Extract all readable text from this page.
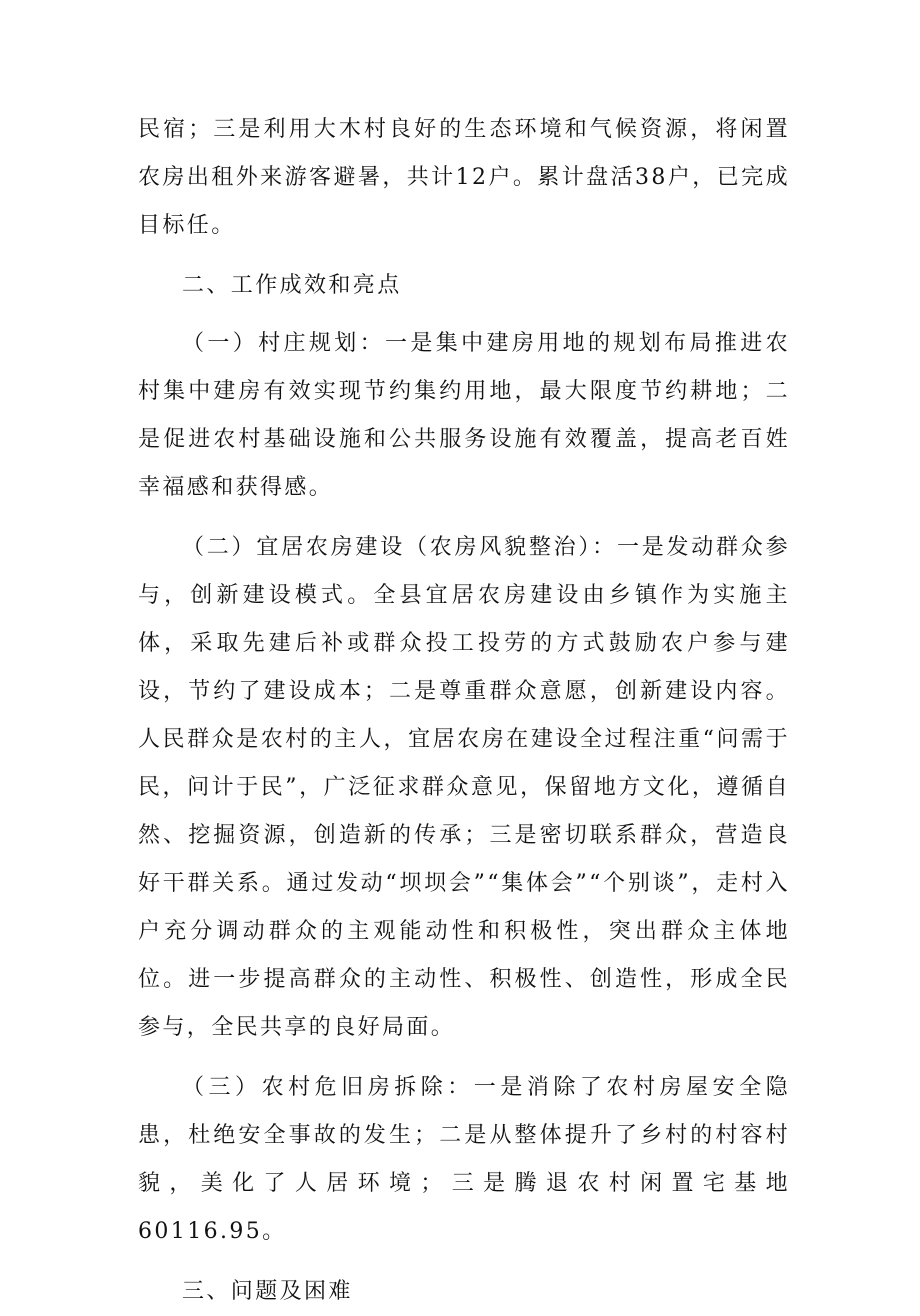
民宿；三是利用大木村良好的生态环境和气候资源，将闲置农房出租外来游客避暑，共计12户。累计盘活38户，已完成目标任。

二、工作成效和亮点

（一）村庄规划：一是集中建房用地的规划布局推进农村集中建房有效实现节约集约用地，最大限度节约耕地；二是促进农村基础设施和公共服务设施有效覆盖，提高老百姓幸福感和获得感。

（二）宜居农房建设（农房风貌整治）：一是发动群众参与，创新建设模式。全县宜居农房建设由乡镇作为实施主体，采取先建后补或群众投工投劳的方式鼓励农户参与建设，节约了建设成本；二是尊重群众意愿，创新建设内容。人民群众是农村的主人，宜居农房在建设全过程注重“问需于民，问计于民”，广泛征求群众意见，保留地方文化，遵循自然、挖掘资源，创造新的传承；三是密切联系群众，营造良好干群关系。通过发动“坝坝会”“集体会”“个别谈”，走村入户充分调动群众的主观能动性和积极性，突出群众主体地位。进一步提高群众的主动性、积极性、创造性，形成全民参与，全民共享的良好局面。

（三）农村危旧房拆除：一是消除了农村房屋安全隐患，杜绝安全事故的发生；二是从整体提升了乡村的村容村貌，美化了人居环境；三是腾退农村闲置宅基地60116.95。

三、问题及困难
